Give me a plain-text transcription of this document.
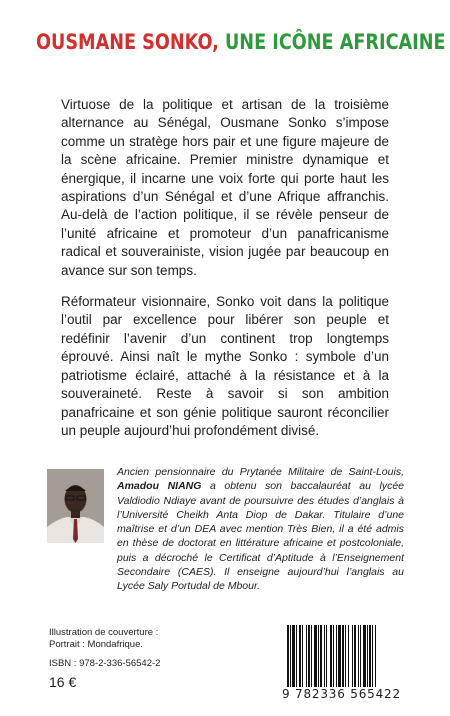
OUSMANE SONKO, UNE ICÔNE AFRICAINE

Virtuose de la politique et artisan de la troisième alternance au Sénégal, Ousmane Sonko s’impose comme un stratège hors pair et une figure majeure de la scène africaine. Premier ministre dynamique et énergique, il incarne une voix forte qui porte haut les aspirations d’un Sénégal et d’une Afrique affranchis. Au-delà de l’action politique, il se révèle penseur de l’unité africaine et promoteur d’un panafricanisme radical et souverainiste, vision jugée par beaucoup en avance sur son temps.

Réformateur visionnaire, Sonko voit dans la politique l’outil par excellence pour libérer son peuple et redéfinir l’avenir d’un continent trop longtemps éprouvé. Ainsi naît le mythe Sonko : symbole d’un patriotisme éclairé, attaché à la résistance et à la souveraineté. Reste à savoir si son ambition panafricaine et son génie politique sauront réconcilier un peuple aujourd’hui profondément divisé.

Ancien pensionnaire du Prytanée Militaire de Saint-Louis, Amadou NIANG a obtenu son baccalauréat au lycée Valdiodio Ndiaye avant de poursuivre des études d’anglais à l’Université Cheikh Anta Diop de Dakar. Titulaire d’une maîtrise et d’un DEA avec mention Très Bien, il a été admis en thèse de doctorat en littérature africaine et postcoloniale, puis a décroché le Certificat d’Aptitude à l’Enseignement Secondaire (CAES). Il enseigne aujourd’hui l’anglais au Lycée Saly Portudal de Mbour.
Illustration de couverture :
Portrait : Mondafrique.
ISBN : 978-2-336-56542-2
16 €
9 782336 565422
